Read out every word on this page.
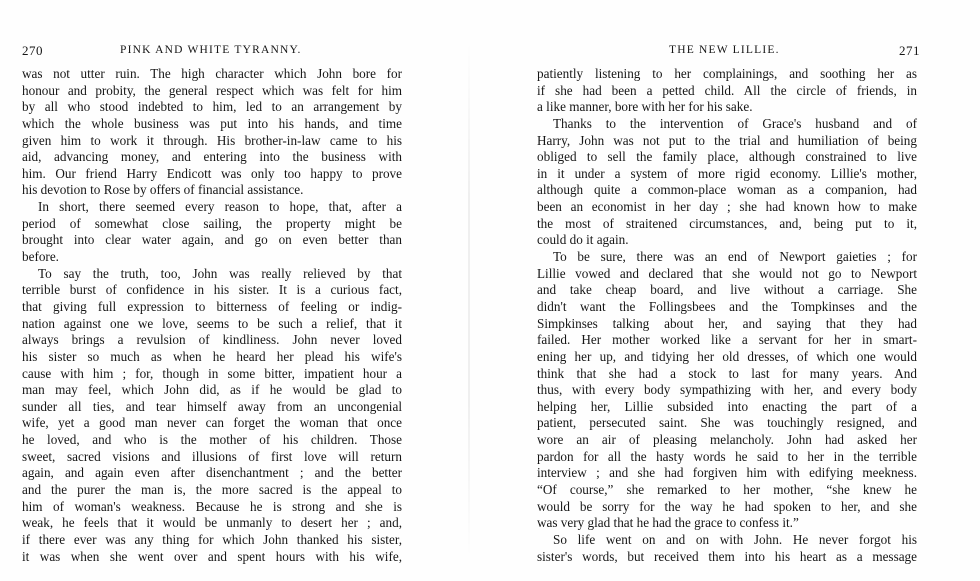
270	PINK AND WHITE TYRANNY.
was not utter ruin. The high character which John bore for
honour and probity, the general respect which was felt for him
by all who stood indebted to him, led to an arrangement by
which the whole business was put into his hands, and time
given him to work it through. His brother-in-law came to his
aid, advancing money, and entering into the business with
him. Our friend Harry Endicott was only too happy to prove
his devotion to Rose by offers of financial assistance.
In short, there seemed every reason to hope, that, after a
period of somewhat close sailing, the property might be
brought into clear water again, and go on even better than
before.
To say the truth, too, John was really relieved by that
terrible burst of confidence in his sister. It is a curious fact,
that giving full expression to bitterness of feeling or indig-
nation against one we love, seems to be such a relief, that it
always brings a revulsion of kindliness. John never loved
his sister so much as when he heard her plead his wife's
cause with him ; for, though in some bitter, impatient hour a
man may feel, which John did, as if he would be glad to
sunder all ties, and tear himself away from an uncongenial
wife, yet a good man never can forget the woman that once
he loved, and who is the mother of his children. Those
sweet, sacred visions and illusions of first love will return
again, and again even after disenchantment ; and the better
and the purer the man is, the more sacred is the appeal to
him of woman's weakness. Because he is strong and she is
weak, he feels that it would be unmanly to desert her ; and,
if there ever was any thing for which John thanked his sister,
it was when she went over and spent hours with his wife,
THE NEW LILLIE.	271
patiently listening to her complainings, and soothing her as
if she had been a petted child. All the circle of friends, in
a like manner, bore with her for his sake.
Thanks to the intervention of Grace's husband and of
Harry, John was not put to the trial and humiliation of being
obliged to sell the family place, although constrained to live
in it under a system of more rigid economy. Lillie's mother,
although quite a common-place woman as a companion, had
been an economist in her day ; she had known how to make
the most of straitened circumstances, and, being put to it,
could do it again.
To be sure, there was an end of Newport gaieties ; for
Lillie vowed and declared that she would not go to Newport
and take cheap board, and live without a carriage. She
didn't want the Follingsbees and the Tompkinses and the
Simpkinses talking about her, and saying that they had
failed. Her mother worked like a servant for her in smart-
ening her up, and tidying her old dresses, of which one would
think that she had a stock to last for many years. And
thus, with every body sympathizing with her, and every body
helping her, Lillie subsided into enacting the part of a
patient, persecuted saint. She was touchingly resigned, and
wore an air of pleasing melancholy. John had asked her
pardon for all the hasty words he said to her in the terrible
interview ; and she had forgiven him with edifying meekness.
“Of course,” she remarked to her mother, “she knew he
would be sorry for the way he had spoken to her, and she
was very glad that he had the grace to confess it.”
So life went on and on with John. He never forgot his
sister's words, but received them into his heart as a message
